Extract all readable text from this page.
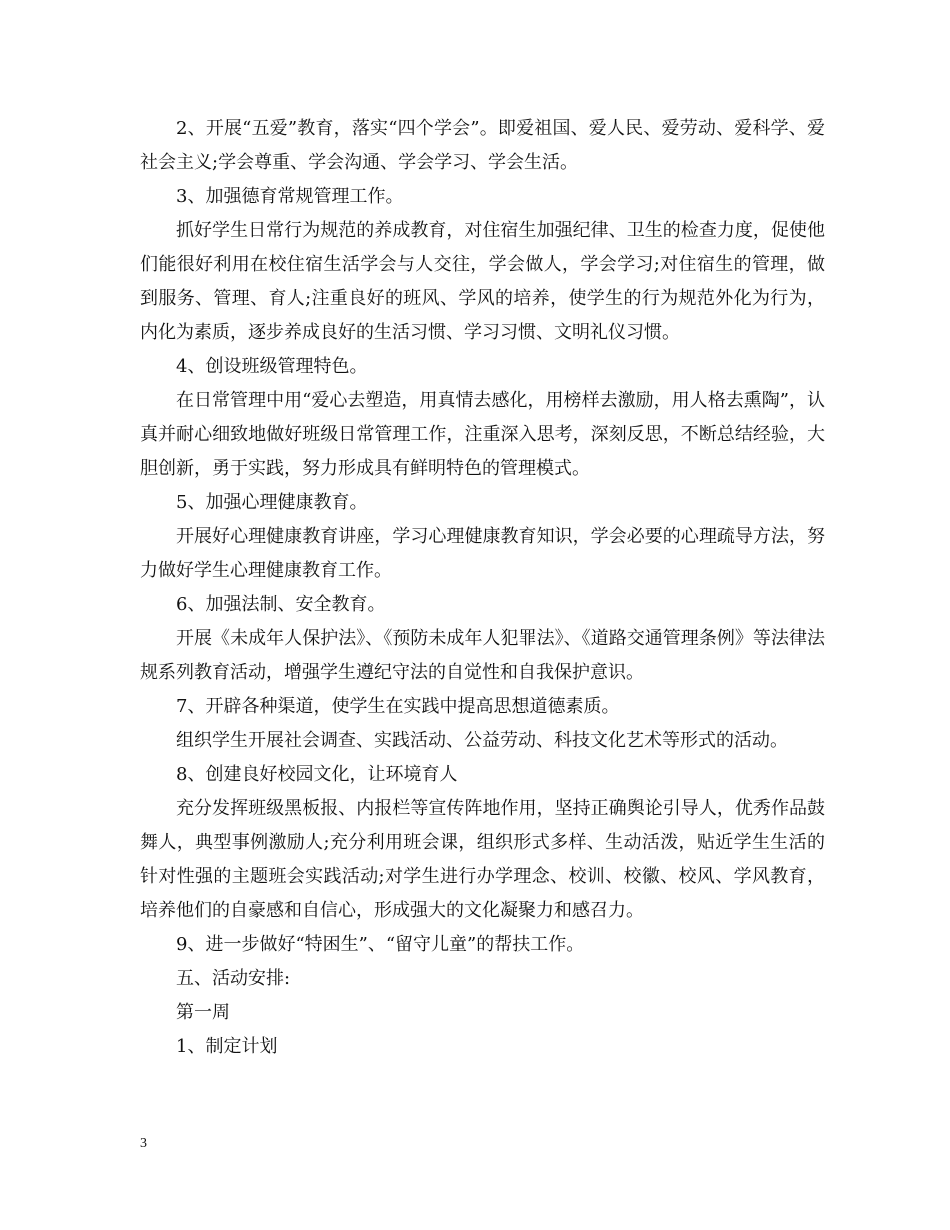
2、开展“五爱”教育，落实“四个学会”。即爱祖国、爱人民、爱劳动、爱科学、爱社会主义;学会尊重、学会沟通、学会学习、学会生活。

3、加强德育常规管理工作。

抓好学生日常行为规范的养成教育，对住宿生加强纪律、卫生的检查力度，促使他们能很好利用在校住宿生活学会与人交往，学会做人，学会学习;对住宿生的管理，做到服务、管理、育人;注重良好的班风、学风的培养，使学生的行为规范外化为行为，内化为素质，逐步养成良好的生活习惯、学习习惯、文明礼仪习惯。

4、创设班级管理特色。

在日常管理中用“爱心去塑造，用真情去感化，用榜样去激励，用人格去熏陶”，认真并耐心细致地做好班级日常管理工作，注重深入思考，深刻反思，不断总结经验，大胆创新，勇于实践，努力形成具有鲜明特色的管理模式。

5、加强心理健康教育。

开展好心理健康教育讲座，学习心理健康教育知识，学会必要的心理疏导方法，努力做好学生心理健康教育工作。

6、加强法制、安全教育。

开展《未成年人保护法》、《预防未成年人犯罪法》、《道路交通管理条例》等法律法规系列教育活动，增强学生遵纪守法的自觉性和自我保护意识。

7、开辟各种渠道，使学生在实践中提高思想道德素质。

组织学生开展社会调查、实践活动、公益劳动、科技文化艺术等形式的活动。

8、创建良好校园文化，让环境育人

充分发挥班级黑板报、内报栏等宣传阵地作用，坚持正确舆论引导人，优秀作品鼓舞人，典型事例激励人;充分利用班会课，组织形式多样、生动活泼，贴近学生生活的针对性强的主题班会实践活动;对学生进行办学理念、校训、校徽、校风、学风教育，培养他们的自豪感和自信心，形成强大的文化凝聚力和感召力。

9、进一步做好“特困生”、“留守儿童”的帮扶工作。

五、活动安排:

第一周

1、制定计划

3
